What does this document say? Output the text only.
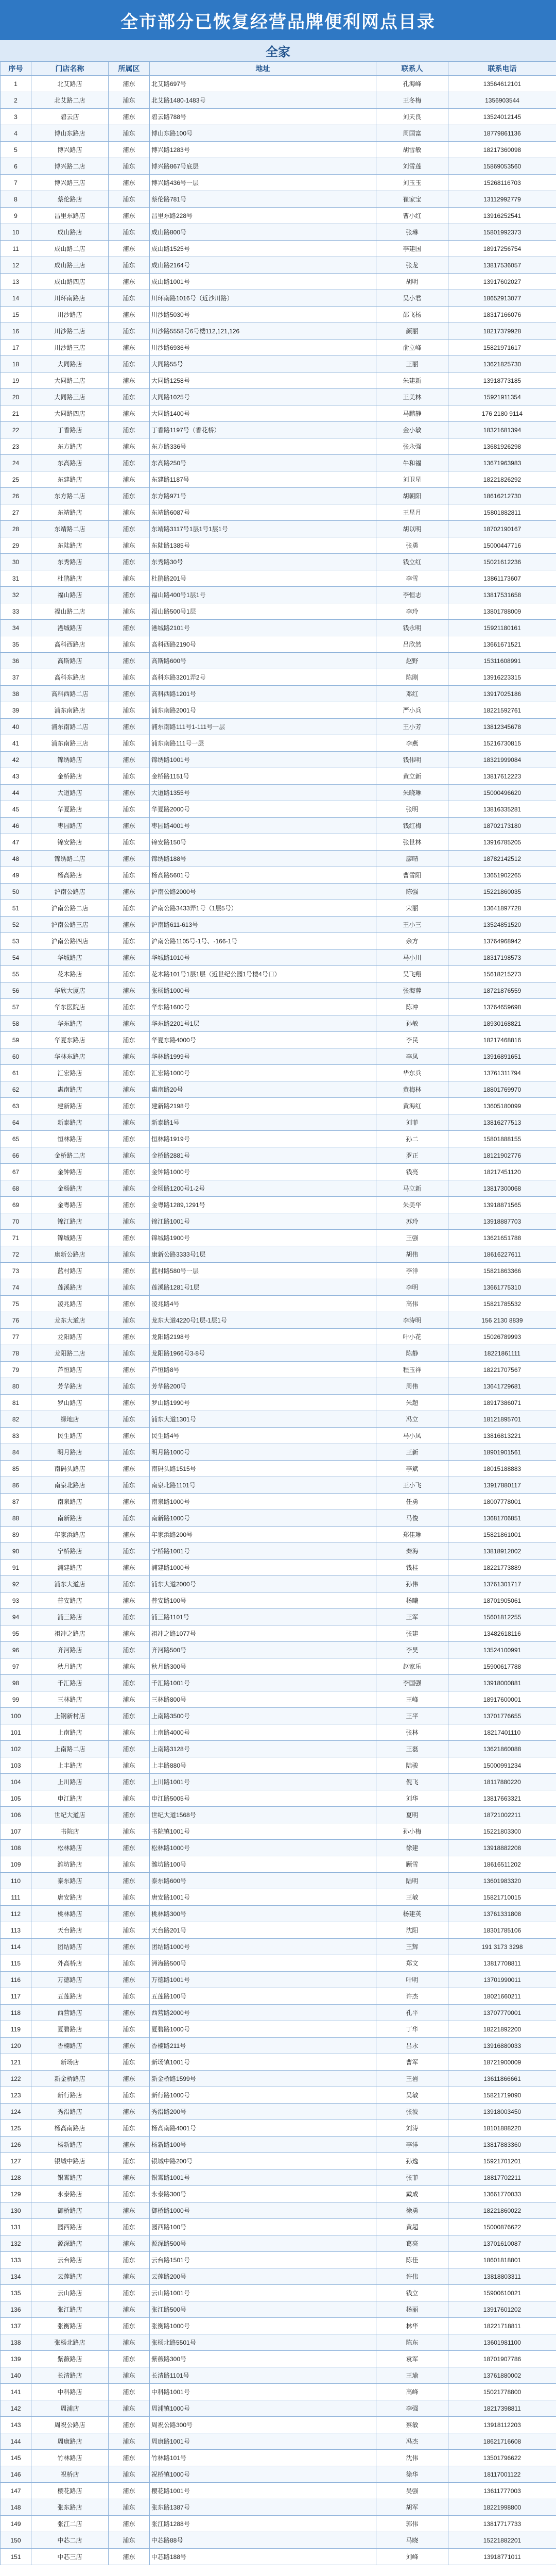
全市部分已恢复经营品牌便利网点目录
全家
序号	门店名称	所属区	地址	联系人	联系电话
1	北艾路店	浦东	北艾路697号	孔海峰	13564612101
2	北艾路二店	浦东	北艾路1480-1483号	王冬梅	1356903544
3	碧云店	浦东	碧云路788号	刘天良	13524012145
4	博山东路店	浦东	博山东路100号	周国富	18779861136
5	博兴路店	浦东	博兴路1283号	胡雪敏	18217360098
6	博兴路二店	浦东	博兴路867号底层	刘雪莲	15869053560
7	博兴路三店	浦东	博兴路436号一层	刘玉玉	15268116703
8	蔡伦路店	浦东	蔡伦路781号	崔家宝	13112992779
9	昌里东路店	浦东	昌里东路228号	曹小红	13916252541
10	成山路店	浦东	成山路800号	张琳	15801992373
11	成山路二店	浦东	成山路1525号	李建国	18917256754
12	成山路三店	浦东	成山路2164号	张龙	13817536057
13	成山路四店	浦东	成山路1001号	胡明	13917602027
14	川环南路店	浦东	川环南路1016号（近沙川路）	吴小君	18652913077
15	川沙路店	浦东	川沙路5030号	邵飞杨	18317166076
16	川沙路二店	浦东	川沙路5558号6号楼112,121,126	颜丽	18217379928
17	川沙路三店	浦东	川沙路6936号	俞立峰	15821971617
18	大同路店	浦东	大同路55号	王丽	13621825730
19	大同路二店	浦东	大同路1258号	朱建新	13918773185
20	大同路三店	浦东	大同路1025号	王美林	15921911354
21	大同路四店	浦东	大同路1400号	马鹏静	176 2180 9114
22	丁香路店	浦东	丁香路1197号（香花桥）	金小敏	18321681394
23	东方路店	浦东	东方路336号	张永强	13681926298
24	东高路店	浦东	东高路250号	牛和福	13671963983
25	东建路店	浦东	东建路1187号	刘卫星	18221826292
26	东方路二店	浦东	东方路971号	胡朝阳	18616212730
27	东靖路店	浦东	东靖路6087号	王星月	15801882811
28	东靖路二店	浦东	东靖路3117号1层1号1层1号	胡以明	18702190167
29	东陆路店	浦东	东陆路1385号	张勇	15000447716
30	东秀路店	浦东	东秀路30号	钱立红	15021612236
31	杜鹃路店	浦东	杜鹃路201号	李雪	13861173607
32	福山路店	浦东	福山路400号1层1号	李恒志	13817531658
33	福山路二店	浦东	福山路500号1层	李玲	13801788009
34	港城路店	浦东	港城路2101号	钱永明	15921180161
35	高科西路店	浦东	高科西路2190号	吕欣然	13661671521
36	高斯路店	浦东	高斯路600号	赵野	15311608991
37	高科东路店	浦东	高科东路3201弄2号	陈刚	13916223315
38	高科西路二店	浦东	高科西路1201号	邓红	13917025186
39	浦东南路店	浦东	浦东南路2001号	严小兵	18221592761
40	浦东南路二店	浦东	浦东南路111号1-111号一层	王小芳	13812345678
41	浦东南路三店	浦东	浦东南路111号一层	李燕	15216730815
42	锦绣路店	浦东	锦绣路1001号	钱伟明	18321999084
43	金桥路店	浦东	金桥路1151号	黄立新	13817612223
44	大道路店	浦东	大道路1355号	朱晓琳	15000496620
45	华夏路店	浦东	华夏路2000号	张明	13816335281
46	枣园路店	浦东	枣园路4001号	钱红梅	18702173180
47	锦安路店	浦东	锦安路150号	张世林	13916785205
48	锦绣路二店	浦东	锦绣路188号	廖晴	18782142512
49	杨高路店	浦东	杨高路5601号	曹雪阳	13651902265
50	沪南公路店	浦东	沪南公路2000号	陈强	15221860035
51	沪南公路二店	浦东	沪南公路3433弄1号（1层5号）	宋丽	13641897728
52	沪南公路三店	浦东	沪南路611-613号	王小三	13524851520
53	沪南公路四店	浦东	沪南公路1105号-1号、-166-1号	余方	13764968942
54	华城路店	浦东	华城路1010号	马小川	18317198573
55	花木路店	浦东	花木路101号1层1层（近世纪公园1号楼4号口）	吴飞翔	15618215273
56	华欣大厦店	浦东	张杨路1000号	张海蓉	18721876559
57	华东医院店	浦东	华东路1600号	陈冲	13764659698
58	华东路店	浦东	华东路2201号1层	孙敏	18930168821
59	华夏东路店	浦东	华夏东路4000号	李民	18217468816
60	华林东路店	浦东	华林路1999号	李凤	13916891651
61	汇宏路店	浦东	汇宏路1000号	华东兵	13761311794
62	惠南路店	浦东	惠南路20号	黄梅林	18801769970
63	建新路店	浦东	建新路2198号	黄海红	13605180099
64	新泰路店	浦东	新泰路1号	刘菲	13816277513
65	恒林路店	浦东	恒林路1919号	孙二	15801888155
66	金桥路二店	浦东	金桥路2881号	罗正	18121902776
67	金钟路店	浦东	金钟路1000号	钱亮	18217451120
68	金杨路店	浦东	金杨路1200号1-2号	马立新	13817300068
69	金粤路店	浦东	金粤路1289,1291号	朱美华	13918871565
70	锦江路店	浦东	锦江路1001号	苏玲	13918887703
71	锦城路店	浦东	锦城路1900号	王强	13621651788
72	康新公路店	浦东	康新公路3333号1层	胡伟	18616227611
73	蓝村路店	浦东	蓝村路580号一层	李洋	15821863366
74	莲溪路店	浦东	莲溪路1281号1层	李明	13661775310
75	凌兆路店	浦东	凌兆路4号	高伟	15821785532
76	龙东大道店	浦东	龙东大道4220号1层-1层1号	李涛明	156 2130 8839
77	龙阳路店	浦东	龙阳路2198号	叶小花	15026789993
78	龙阳路二店	浦东	龙阳路1966号3-8号	陈静	18221861111
79	芦恒路店	浦东	芦恒路8号	程玉祥	18221707567
80	芳华路店	浦东	芳华路200号	周伟	13641729681
81	罗山路店	浦东	罗山路1990号	朱超	18917386071
82	绿地店	浦东	浦东大道1301号	冯立	18121895701
83	民生路店	浦东	民生路4号	马小凤	13816813221
84	明月路店	浦东	明月路1000号	王新	18901901561
85	南码头路店	浦东	南码头路1515号	李斌	18015188883
86	南泉北路店	浦东	南泉北路1101号	王小飞	13917880117
87	南泉路店	浦东	南泉路1000号	任勇	18007778001
88	南新路店	浦东	南新路1000号	马俊	13681706851
89	年家浜路店	浦东	年家浜路200号	郑佳琳	15821861001
90	宁桥路店	浦东	宁桥路1001号	秦海	13818912002
91	浦建路店	浦东	浦建路1000号	钱桂	18221773889
92	浦东大道店	浦东	浦东大道2000号	孙伟	13761301717
93	普安路店	浦东	普安路100号	杨曦	18701905061
94	浦三路店	浦东	浦三路1101号	王军	15601812255
95	祖冲之路店	浦东	祖冲之路1077号	张建	13482618116
96	齐河路店	浦东	齐河路500号	李昊	13524100991
97	秋月路店	浦东	秋月路300号	赵家乐	15900617788
98	千汇路店	浦东	千汇路1001号	李国强	13918000881
99	三林路店	浦东	三林路800号	王峰	18917600001
100	上钢新村店	浦东	上南路3500号	王平	13701776655
101	上南路店	浦东	上南路4000号	张林	18217401110
102	上南路二店	浦东	上南路3128号	王磊	13621860088
103	上丰路店	浦东	上丰路880号	陆骏	15000991234
104	上川路店	浦东	上川路1001号	倪飞	18117880220
105	申江路店	浦东	申江路5005号	刘华	13817663321
106	世纪大道店	浦东	世纪大道1568号	夏明	18721002211
107	书院店	浦东	书院镇1001号	孙小梅	15221803300
108	松林路店	浦东	松林路1000号	徐建	13918882208
109	潍坊路店	浦东	潍坊路100号	顾雪	18616511202
110	泰东路店	浦东	泰东路600号	陆明	13601983320
111	唐安路店	浦东	唐安路1001号	王敏	15821710015
112	桃林路店	浦东	桃林路300号	杨建英	13761331808
113	天台路店	浦东	天台路201号	沈阳	18301785106
114	团结路店	浦东	团结路1000号	王辉	191 3173 3298
115	外高桥店	浦东	洲海路500号	郑文	13817708811
116	万德路店	浦东	万德路1001号	叶明	13701990011
117	五莲路店	浦东	五莲路100号	许杰	18021660211
118	西营路店	浦东	西营路2000号	孔平	13707770001
119	夏碧路店	浦东	夏碧路1000号	丁华	18221892200
120	香楠路店	浦东	香楠路211号	吕永	13916880033
121	新场店	浦东	新场镇1001号	曹军	18721900009
122	新金桥路店	浦东	新金桥路1599号	王岩	13611866661
123	新行路店	浦东	新行路1000号	吴敏	15821719090
124	秀沿路店	浦东	秀沿路200号	张波	13918003450
125	杨高南路店	浦东	杨高南路4001号	刘涛	18101888220
126	杨新路店	浦东	杨新路100号	李洋	13817883360
127	银城中路店	浦东	银城中路200号	孙逸	15921701201
128	银霄路店	浦东	银霄路1001号	张菲	18817702211
129	永泰路店	浦东	永泰路300号	戴成	13661770033
130	御桥路店	浦东	御桥路1000号	徐勇	18221860022
131	园西路店	浦东	园西路100号	黄超	15000876622
132	源深路店	浦东	源深路500号	葛亮	13701610087
133	云台路店	浦东	云台路1501号	陈佳	18601818801
134	云莲路店	浦东	云莲路200号	许伟	13818803311
135	云山路店	浦东	云山路1001号	钱立	15900610021
136	张江路店	浦东	张江路500号	杨丽	13917601202
137	张衡路店	浦东	张衡路1000号	林华	18221718811
138	张杨北路店	浦东	张杨北路5501号	陈东	13601981100
139	紫薇路店	浦东	紫薇路300号	袁军	18701907786
140	长清路店	浦东	长清路1101号	王瑜	13761880002
141	中科路店	浦东	中科路1001号	高峰	15021778800
142	周浦店	浦东	周浦镇1000号	李强	18217398811
143	周祝公路店	浦东	周祝公路300号	蔡敏	13918112203
144	周康路店	浦东	周康路1001号	冯杰	18621716608
145	竹林路店	浦东	竹林路101号	沈伟	13501796622
146	祝桥店	浦东	祝桥镇1000号	徐华	18117001122
147	樱花路店	浦东	樱花路1001号	吴强	13611777003
148	张东路店	浦东	张东路1387号	胡军	18221998800
149	张江二店	浦东	张江路1288号	郭伟	13817717733
150	中芯二店	浦东	中芯路88号	马晓	15221882201
151	中芯三店	浦东	中芯路188号	刘峰	13918771011
